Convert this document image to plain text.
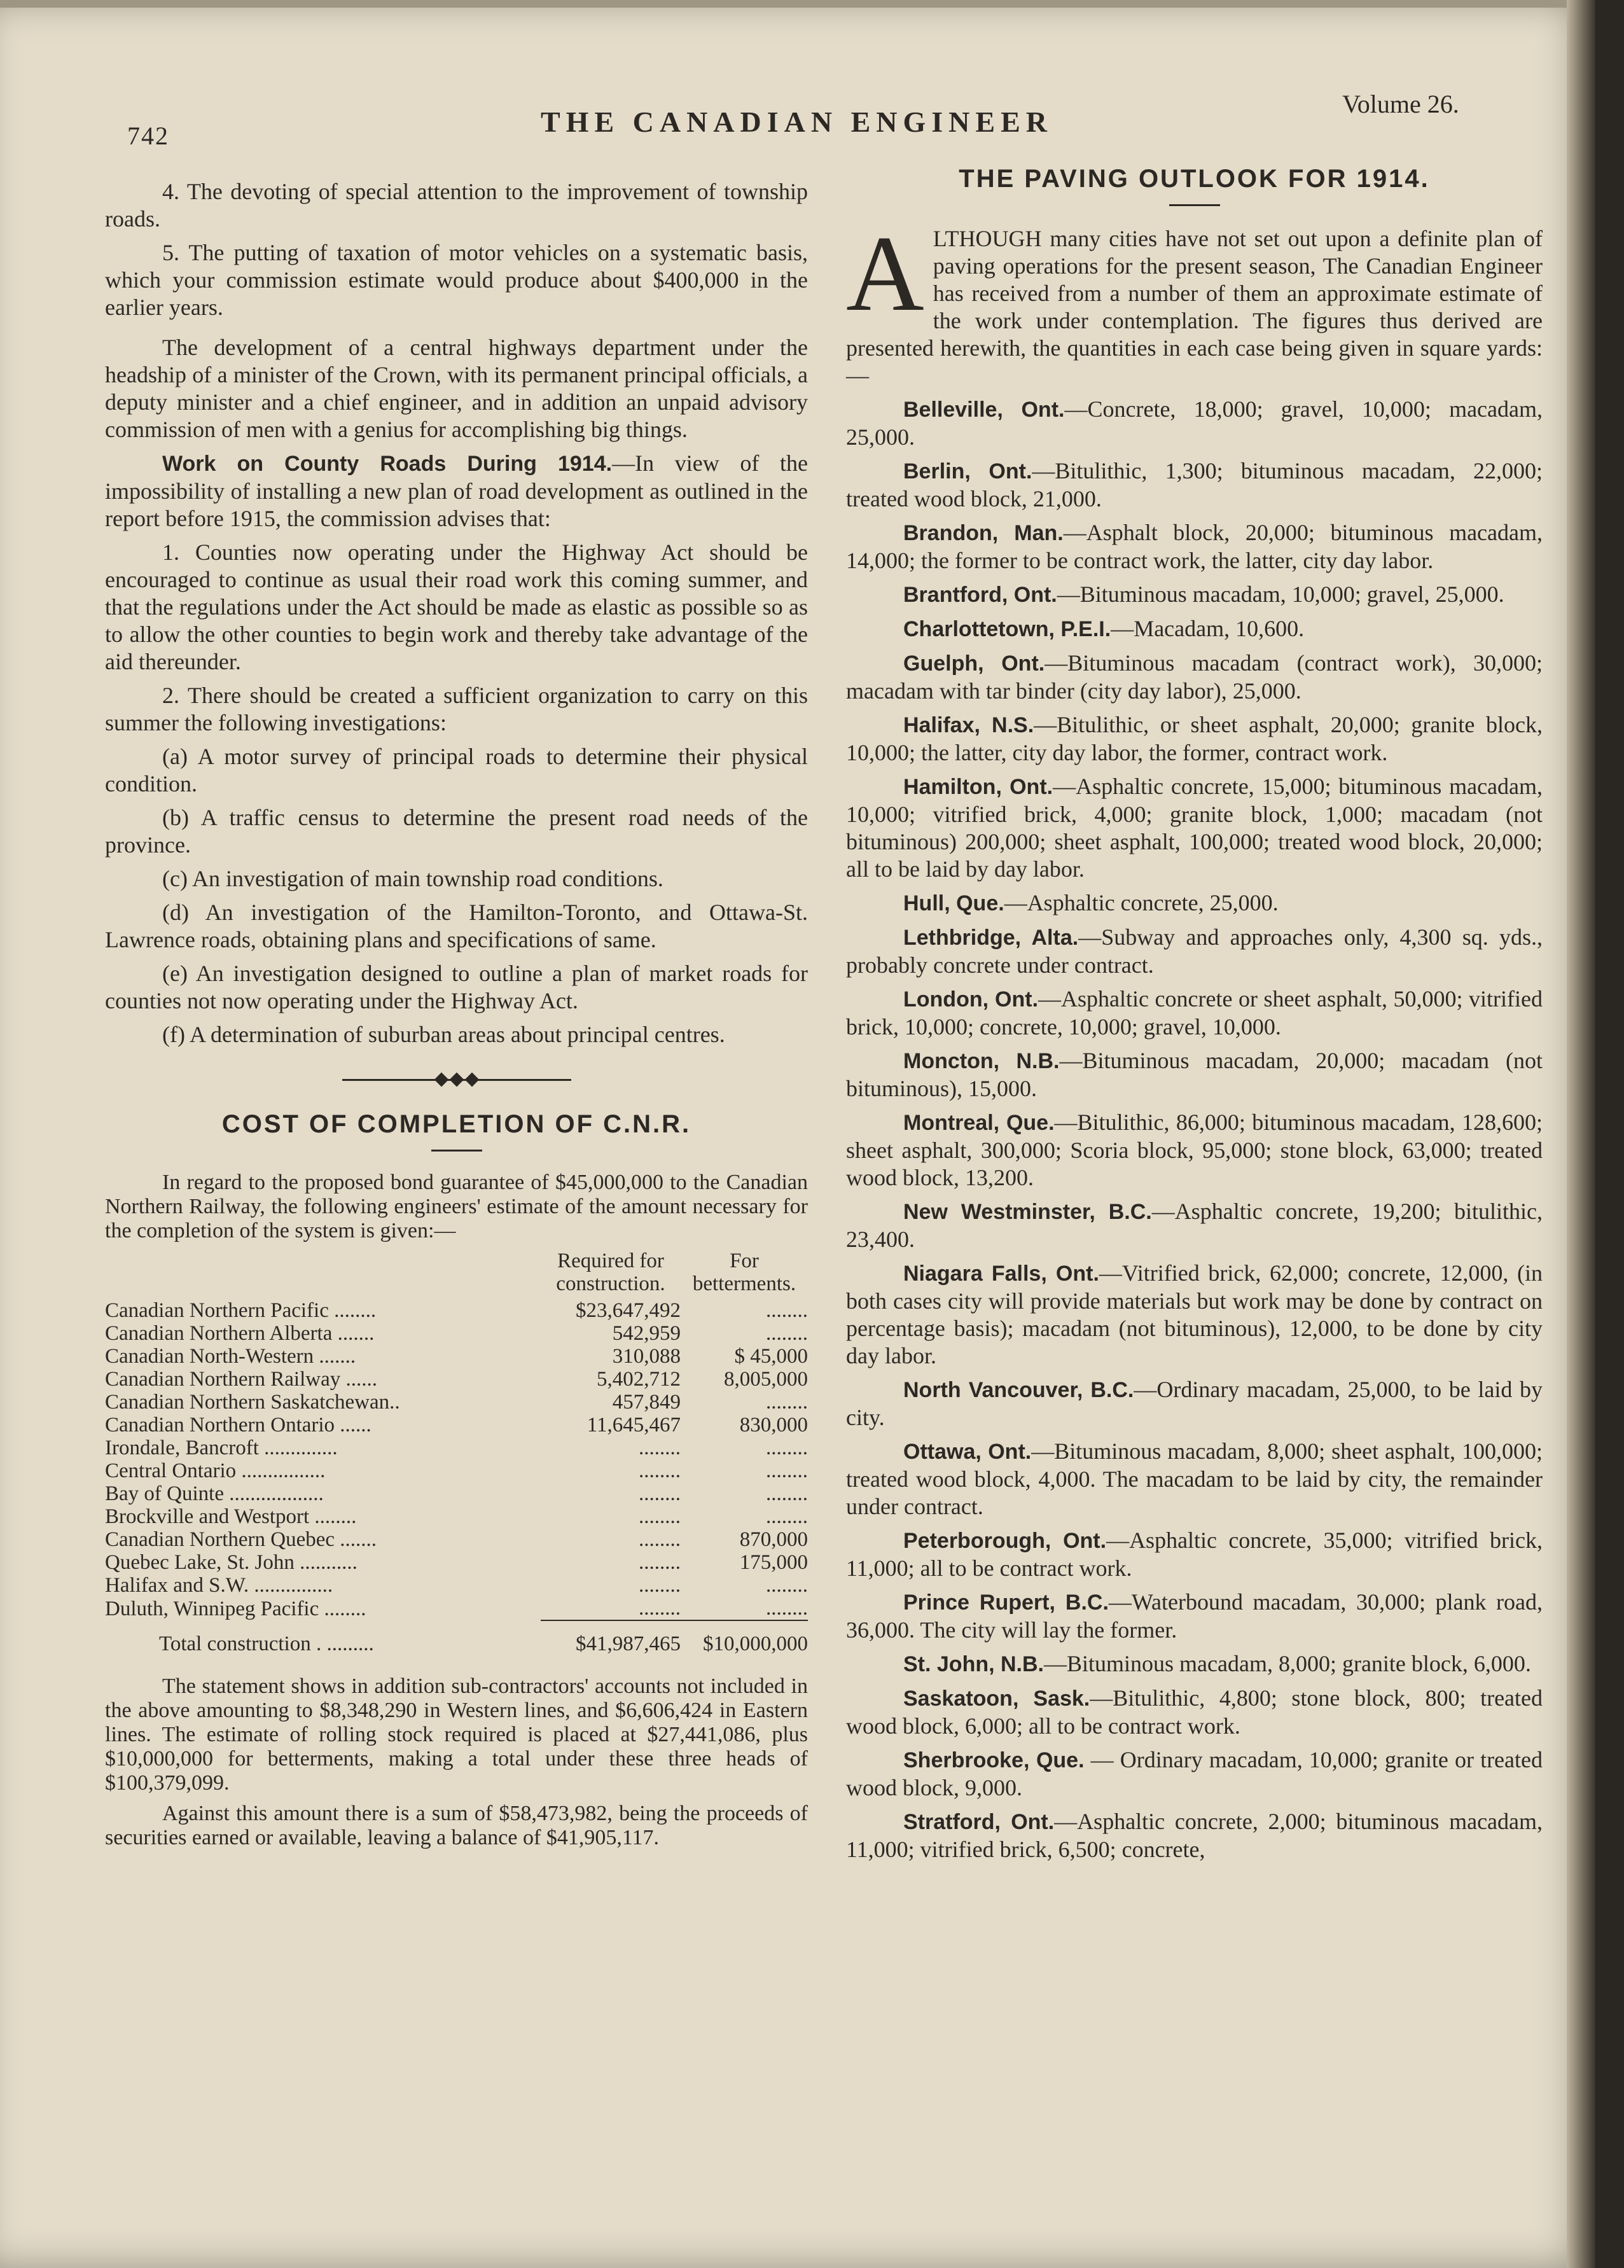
742	THE CANADIAN ENGINEER
Volume 26.

4. The devoting of special attention to the improvement of township roads.

5. The putting of taxation of motor vehicles on a systematic basis, which your commission estimate would produce about $400,000 in the earlier years.

The development of a central highways department under the headship of a minister of the Crown, with its permanent principal officials, a deputy minister and a chief engineer, and in addition an unpaid advisory commission of men with a genius for accomplishing big things.

Work on County Roads During 1914.—In view of the impossibility of installing a new plan of road development as outlined in the report before 1915, the commission advises that:

1. Counties now operating under the Highway Act should be encouraged to continue as usual their road work this coming summer, and that the regulations under the Act should be made as elastic as possible so as to allow the other counties to begin work and thereby take advantage of the aid thereunder.

2. There should be created a sufficient organization to carry on this summer the following investigations:

(a) A motor survey of principal roads to determine their physical condition.

(b) A traffic census to determine the present road needs of the province.

(c) An investigation of main township road conditions.

(d) An investigation of the Hamilton-Toronto, and Ottawa-St. Lawrence roads, obtaining plans and specifications of same.

(e) An investigation designed to outline a plan of market roads for counties not now operating under the Highway Act.

(f) A determination of suburban areas about principal centres.

COST OF COMPLETION OF C.N.R.

In regard to the proposed bond guarantee of $45,000,000 to the Canadian Northern Railway, the following engineers' estimate of the amount necessary for the completion of the system is given:—

	Required for construction.	For betterments.
Canadian Northern Pacific ........	$23,647,492	........
Canadian Northern Alberta .......	542,959	........
Canadian North-Western .......	310,088	$ 45,000
Canadian Northern Railway ......	5,402,712	8,005,000
Canadian Northern Saskatchewan..	457,849	........
Canadian Northern Ontario ......	11,645,467	830,000
Irondale, Bancroft ..............	........	........
Central Ontario ................	........	........
Bay of Quinte ..................	........	........
Brockville and Westport ........	........	........
Canadian Northern Quebec .......	........	870,000
Quebec Lake, St. John ...........	........	175,000
Halifax and S.W. ...............	........	........
Duluth, Winnipeg Pacific ........	........	........

Total construction . .........	$41,987,465	$10,000,000

The statement shows in addition sub-contractors' accounts not included in the above amounting to $8,348,290 in Western lines, and $6,606,424 in Eastern lines. The estimate of rolling stock required is placed at $27,441,086, plus $10,000,000 for betterments, making a total under these three heads of $100,379,099.

Against this amount there is a sum of $58,473,982, being the proceeds of securities earned or available, leaving a balance of $41,905,117.

THE PAVING OUTLOOK FOR 1914.

ALTHOUGH many cities have not set out upon a definite plan of paving operations for the present season, The Canadian Engineer has received from a number of them an approximate estimate of the work under contemplation. The figures thus derived are presented herewith, the quantities in each case being given in square yards:—

Belleville, Ont.—Concrete, 18,000; gravel, 10,000; macadam, 25,000.

Berlin, Ont.—Bitulithic, 1,300; bituminous macadam, 22,000; treated wood block, 21,000.

Brandon, Man.—Asphalt block, 20,000; bituminous macadam, 14,000; the former to be contract work, the latter, city day labor.

Brantford, Ont.—Bituminous macadam, 10,000; gravel, 25,000.

Charlottetown, P.E.I.—Macadam, 10,600.

Guelph, Ont.—Bituminous macadam (contract work), 30,000; macadam with tar binder (city day labor), 25,000.

Halifax, N.S.—Bitulithic, or sheet asphalt, 20,000; granite block, 10,000; the latter, city day labor, the former, contract work.

Hamilton, Ont.—Asphaltic concrete, 15,000; bituminous macadam, 10,000; vitrified brick, 4,000; granite block, 1,000; macadam (not bituminous) 200,000; sheet asphalt, 100,000; treated wood block, 20,000; all to be laid by day labor.

Hull, Que.—Asphaltic concrete, 25,000.

Lethbridge, Alta.—Subway and approaches only, 4,300 sq. yds., probably concrete under contract.

London, Ont.—Asphaltic concrete or sheet asphalt, 50,000; vitrified brick, 10,000; concrete, 10,000; gravel, 10,000.

Moncton, N.B.—Bituminous macadam, 20,000; macadam (not bituminous), 15,000.

Montreal, Que.—Bitulithic, 86,000; bituminous macadam, 128,600; sheet asphalt, 300,000; Scoria block, 95,000; stone block, 63,000; treated wood block, 13,200.

New Westminster, B.C.—Asphaltic concrete, 19,200; bitulithic, 23,400.

Niagara Falls, Ont.—Vitrified brick, 62,000; concrete, 12,000, (in both cases city will provide materials but work may be done by contract on percentage basis); macadam (not bituminous), 12,000, to be done by city day labor.

North Vancouver, B.C.—Ordinary macadam, 25,000, to be laid by city.

Ottawa, Ont.—Bituminous macadam, 8,000; sheet asphalt, 100,000; treated wood block, 4,000. The macadam to be laid by city, the remainder under contract.

Peterborough, Ont.—Asphaltic concrete, 35,000; vitrified brick, 11,000; all to be contract work.

Prince Rupert, B.C.—Waterbound macadam, 30,000; plank road, 36,000. The city will lay the former.

St. John, N.B.—Bituminous macadam, 8,000; granite block, 6,000.

Saskatoon, Sask.—Bitulithic, 4,800; stone block, 800; treated wood block, 6,000; all to be contract work.

Sherbrooke, Que. — Ordinary macadam, 10,000; granite or treated wood block, 9,000.

Stratford, Ont.—Asphaltic concrete, 2,000; bituminous macadam, 11,000; vitrified brick, 6,500; concrete,
